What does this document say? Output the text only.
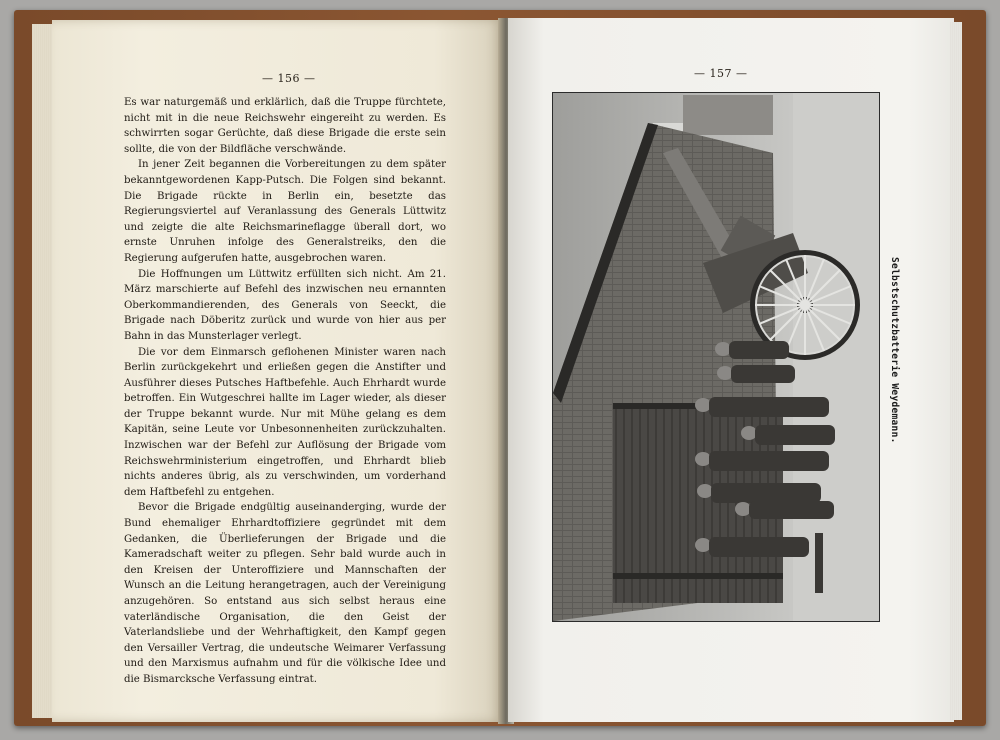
— 156 —

Es war naturgemäß und erklärlich, daß die Truppe fürchtete, nicht mit in die neue Reichswehr eingereiht zu werden. Es schwirrten sogar Gerüchte, daß diese Brigade die erste sein sollte, die von der Bildfläche verschwände.

In jener Zeit begannen die Vorbereitungen zu dem später bekanntgewordenen Kapp-Putsch. Die Folgen sind bekannt. Die Brigade rückte in Berlin ein, besetzte das Regierungsviertel auf Veranlassung des Generals Lüttwitz und zeigte die alte Reichsmarineflagge überall dort, wo ernste Unruhen infolge des Generalstreiks, den die Regierung aufgerufen hatte, ausgebrochen waren.

Die Hoffnungen um Lüttwitz erfüllten sich nicht. Am 21. März marschierte auf Befehl des inzwischen neu ernannten Oberkommandierenden, des Generals von Seeckt, die Brigade nach Döberitz zurück und wurde von hier aus per Bahn in das Munsterlager verlegt.

Die vor dem Einmarsch geflohenen Minister waren nach Berlin zurückgekehrt und erließen gegen die Anstifter und Ausführer dieses Putsches Haftbefehle. Auch Ehrhardt wurde betroffen. Ein Wutgeschrei hallte im Lager wieder, als dieser der Truppe bekannt wurde. Nur mit Mühe gelang es dem Kapitän, seine Leute vor Unbesonnenheiten zurückzuhalten. Inzwischen war der Befehl zur Auflösung der Brigade vom Reichswehrministerium eingetroffen, und Ehrhardt blieb nichts anderes übrig, als zu verschwinden, um vorderhand dem Haftbefehl zu entgehen.

Bevor die Brigade endgültig auseinanderging, wurde der Bund ehemaliger Ehrhardtoffiziere gegründet mit dem Gedanken, die Überlieferungen der Brigade und die Kameradschaft weiter zu pflegen. Sehr bald wurde auch in den Kreisen der Unteroffiziere und Mannschaften der Wunsch an die Leitung herangetragen, auch der Vereinigung anzugehören. So entstand aus sich selbst heraus eine vaterländische Organisation, die den Geist der Vaterlandsliebe und der Wehrhaftigkeit, den Kampf gegen den Versailler Vertrag, die undeutsche Weimarer Verfassung und den Marxismus aufnahm und für die völkische Idee und die Bismarcksche Verfassung eintrat.

— 157 —
Selbstschutzbatterie Weydemann.
